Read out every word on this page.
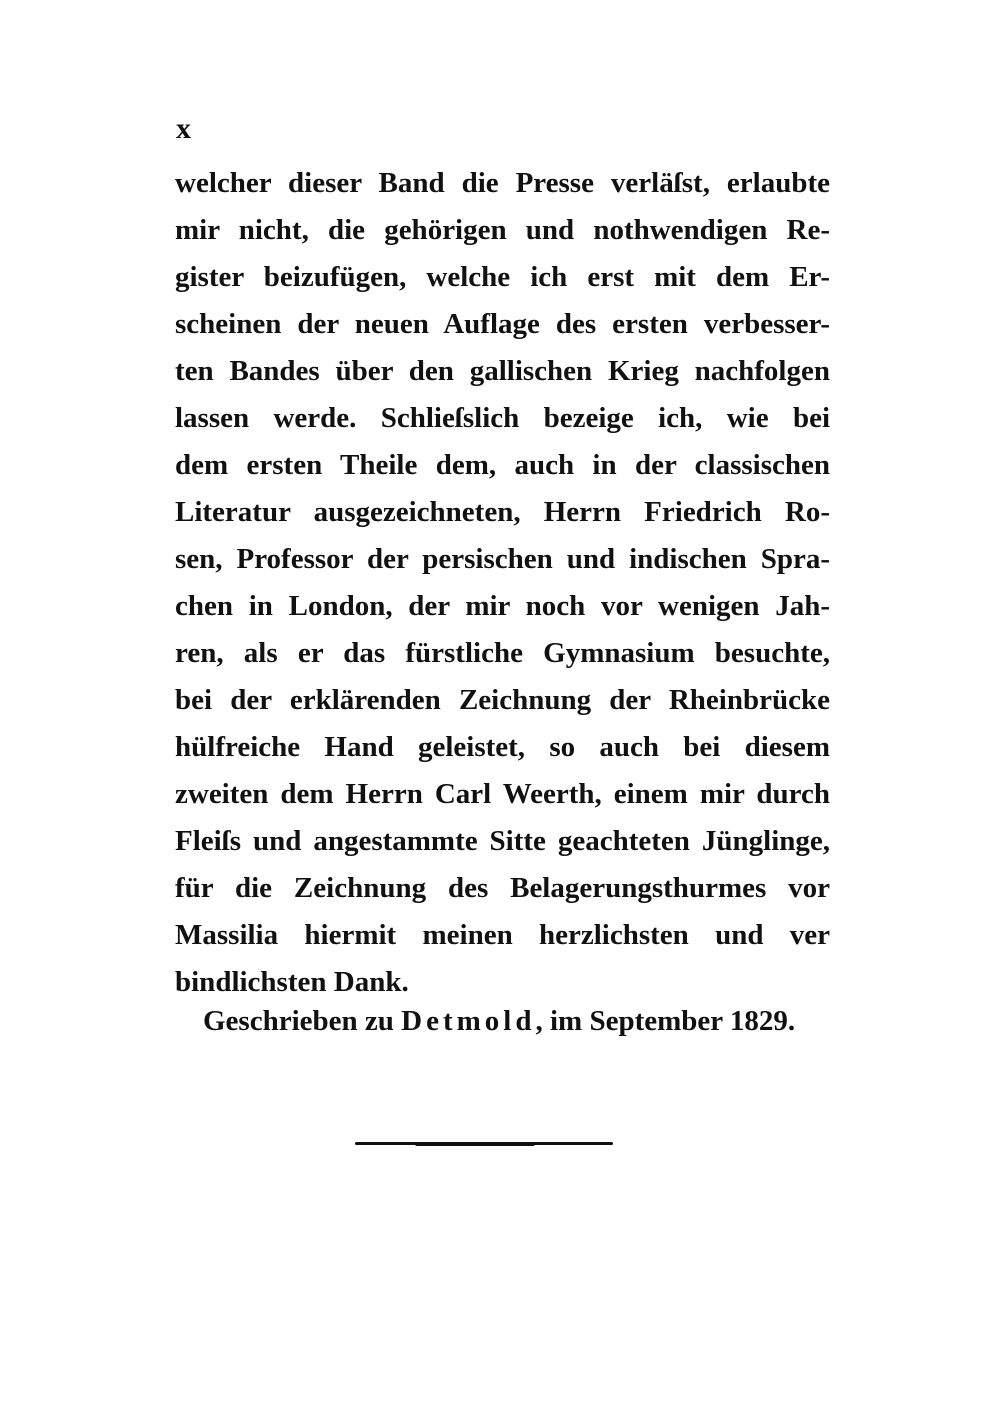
x
welcher dieser Band die Presse verläſst, erlaubte
mir nicht, die gehörigen und nothwendigen Re-
gister beizufügen, welche ich erst mit dem Er-
scheinen der neuen Auflage des ersten verbesser-
ten Bandes über den gallischen Krieg nachfolgen
lassen werde. Schlieſslich bezeige ich, wie bei
dem ersten Theile dem, auch in der classischen
Literatur ausgezeichneten, Herrn Friedrich Ro-
sen, Professor der persischen und indischen Spra-
chen in London, der mir noch vor wenigen Jah-
ren, als er das fürstliche Gymnasium besuchte,
bei der erklärenden Zeichnung der Rheinbrücke
hülfreiche Hand geleistet, so auch bei diesem
zweiten dem Herrn Carl Weerth, einem mir durch
Fleiſs und angestammte Sitte geachteten Jünglinge,
für die Zeichnung des Belagerungsthurmes vor
Massilia hiermit meinen herzlichsten und ver
bindlichsten Dank.
Geschrieben zu Detmold, im September 1829.
